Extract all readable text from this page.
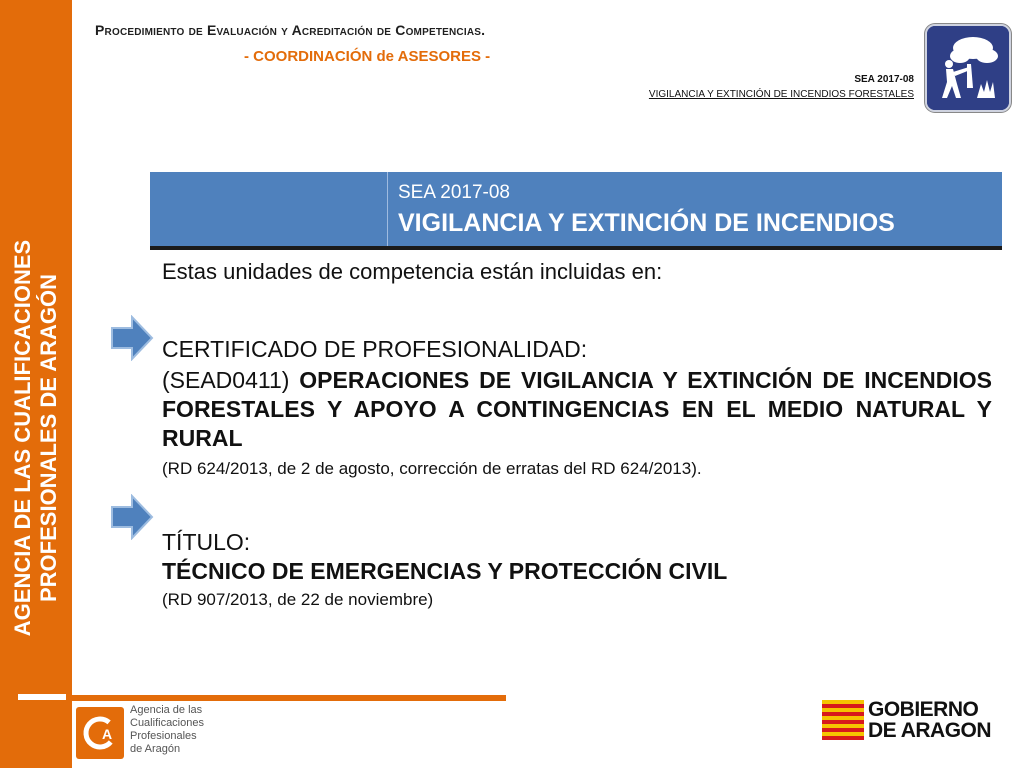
AGENCIA DE LAS CUALIFICACIONES PROFESIONALES DE ARAGÓN
Procedimiento de Evaluación y Acreditación de Competencias.
- COORDINACIÓN de ASESORES -
SEA 2017-08
VIGILANCIA Y EXTINCIÓN DE INCENDIOS FORESTALES
SEA 2017-08
VIGILANCIA Y EXTINCIÓN DE INCENDIOS
Estas unidades de competencia están incluidas en:
CERTIFICADO DE PROFESIONALIDAD:
(SEAD0411) OPERACIONES DE VIGILANCIA Y EXTINCIÓN DE INCENDIOS FORESTALES Y APOYO A CONTINGENCIAS EN EL MEDIO NATURAL Y RURAL
(RD 624/2013, de 2 de agosto, corrección de erratas del RD 624/2013).
TÍTULO:
TÉCNICO DE EMERGENCIAS Y PROTECCIÓN CIVIL
(RD 907/2013, de 22 de noviembre)
A
Agencia de las
Cualificaciones
Profesionales
de Aragón
GOBIERNO
DE ARAGON
